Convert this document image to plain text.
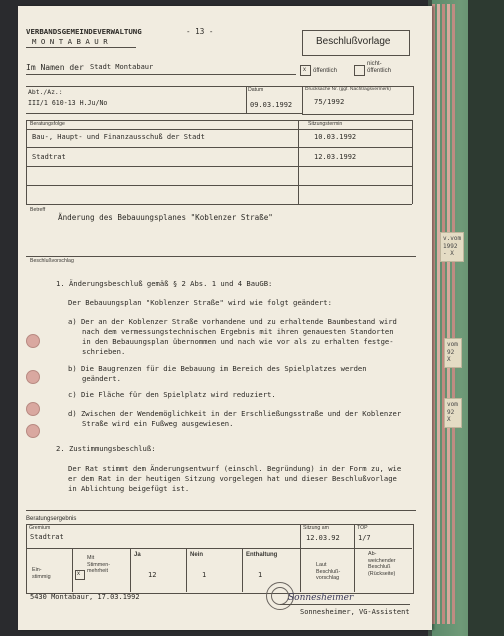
v.vom
1992
- X
vom
92
X
vom
92
X
VERBANDSGEMEINDEVERWALTUNG
M O N T A B A U R
- 13 -
Beschlußvorlage
Im Namen der Stadt Montabaur	x öffentlich
nicht-
öffentlich
Abt./Az.:
III/1 610-13 H.Ju/No
Datum
09.03.1992
Drucksache Nr. (ggf. Nachtragsvermerk)
75/1992
Beratungsfolge	Sitzungstermin
Bau-, Haupt- und Finanzausschuß der Stadt	10.03.1992
Stadtrat	12.03.1992
Betreff
Änderung des Bebauungsplanes "Koblenzer Straße"
Beschlußvorschlag
1. Änderungsbeschluß gemäß § 2 Abs. 1 und 4 BauGB:
Der Bebauungsplan "Koblenzer Straße" wird wie folgt geändert:
a) Der an der Koblenzer Straße vorhandene und zu erhaltende Baumbestand wird
nach dem vermessungstechnischen Ergebnis mit ihren genauesten Standorten
in den Bebauungsplan übernommen und nach wie vor als zu erhalten festge-
schrieben.
b) Die Baugrenzen für die Bebauung im Bereich des Spielplatzes werden
geändert.
c) Die Fläche für den Spielplatz wird reduziert.
d) Zwischen der Wendemöglichkeit in der Erschließungsstraße und der Koblenzer
Straße wird ein Fußweg ausgewiesen.
2. Zustimmungsbeschluß:
Der Rat stimmt dem Änderungsentwurf (einschl. Begründung) in der Form zu, wie
er dem Rat in der heutigen Sitzung vorgelegen hat und dieser Beschlußvorlage
in Ablichtung beigefügt ist.
Beratungsergebnis
Gremium
Stadtrat
Sitzung am
12.03.92
TOP
1/7
Ein-
stimmig	x
Mit
Stimmen-
mehrheit
Ja
12
Nein
1
Enthaltung
1
Laut
Beschluß-
vorschlag
Ab-
weichender
Beschluß
(Rückseite)
5430 Montabaur, 17.03.1992	Sonnesheimer
Sonnesheimer, VG-Assistent
